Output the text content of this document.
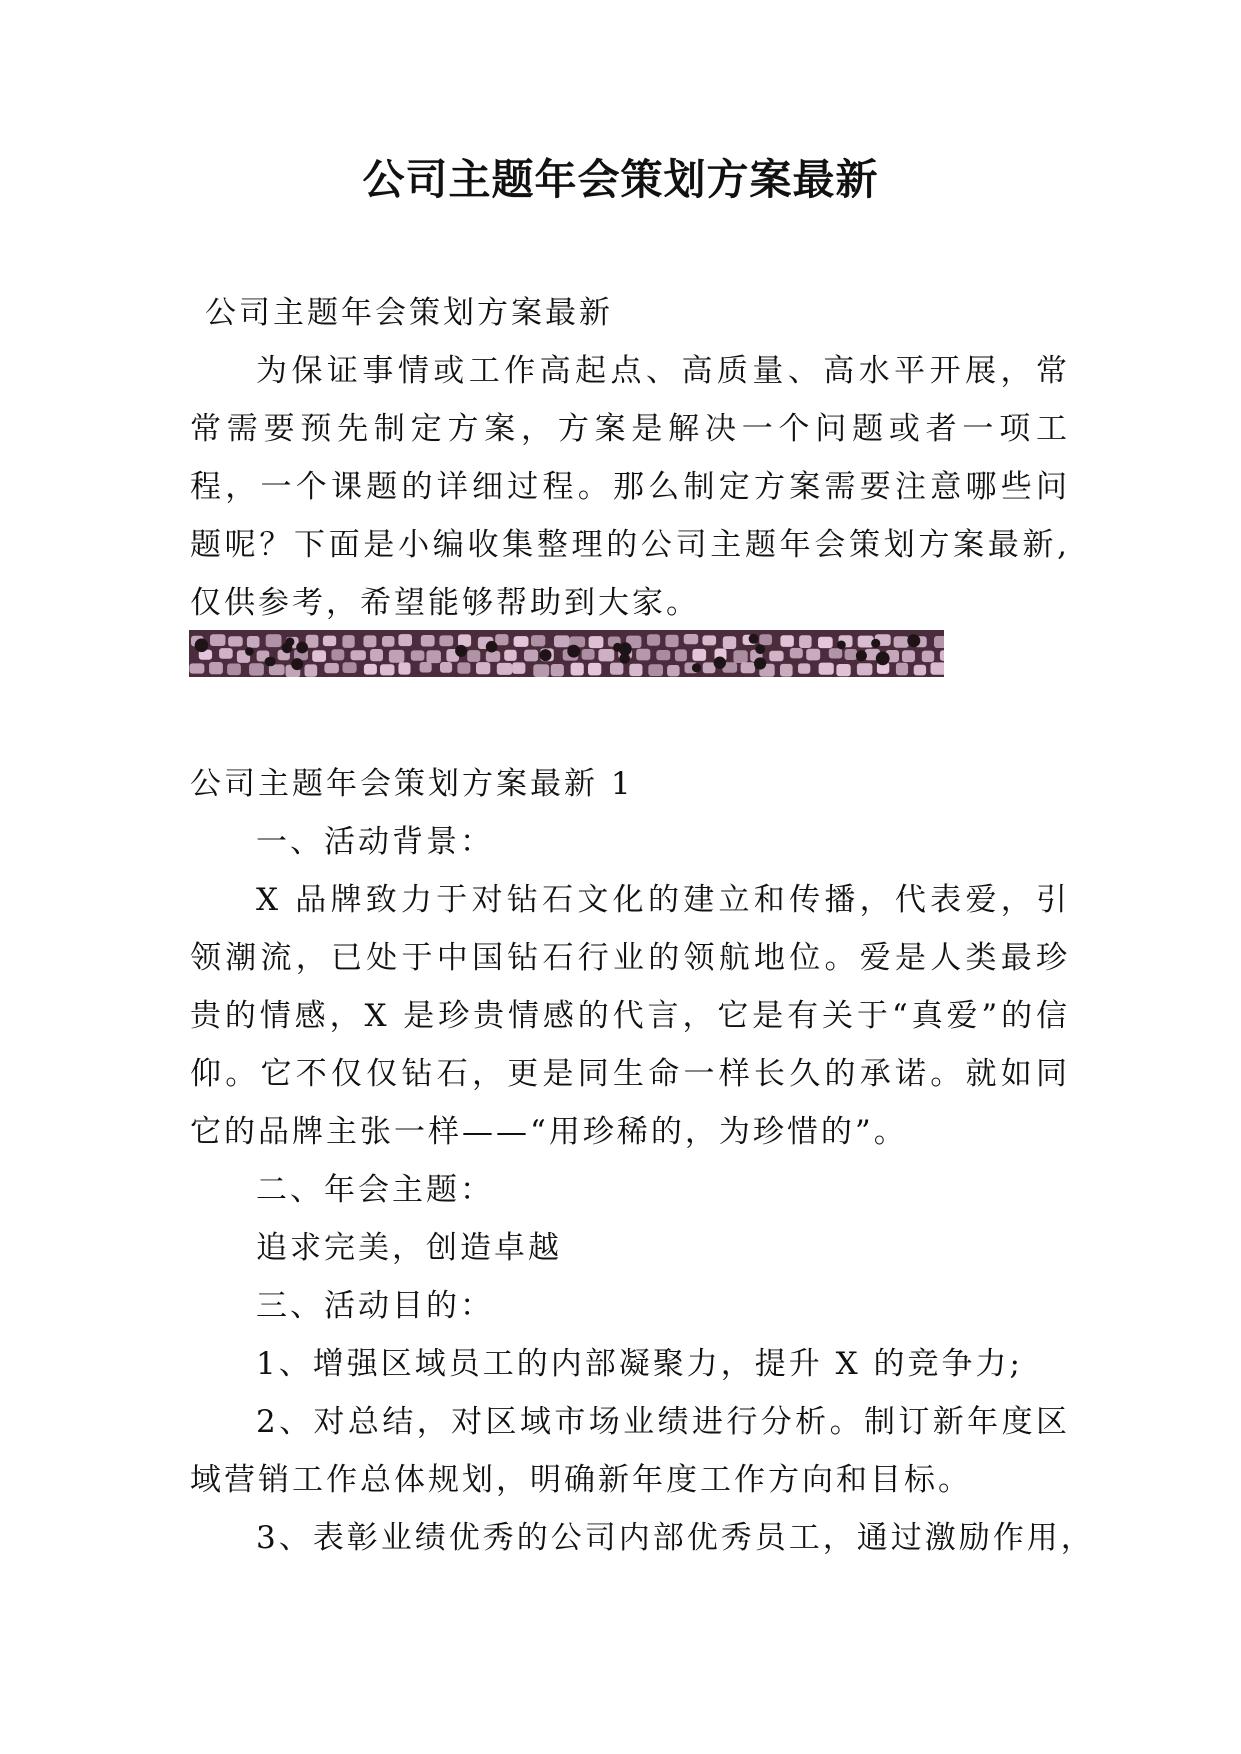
公司主题年会策划方案最新
公司主题年会策划方案最新
为保证事情或工作高起点、高质量、高水平开展，常常需要预先制定方案，方案是解决一个问题或者一项工程，一个课题的详细过程。那么制定方案需要注意哪些问题呢？下面是小编收集整理的公司主题年会策划方案最新,仅供参考，希望能够帮助到大家。
公司主题年会策划方案最新 1
一、活动背景：
X 品牌致力于对钻石文化的建立和传播，代表爱，引领潮流，已处于中国钻石行业的领航地位。爱是人类最珍贵的情感，X 是珍贵情感的代言，它是有关于“真爱”的信仰。它不仅仅钻石，更是同生命一样长久的承诺。就如同它的品牌主张一样——“用珍稀的，为珍惜的”。
二、年会主题：
追求完美，创造卓越
三、活动目的：
1、增强区域员工的内部凝聚力，提升 X 的竞争力;
2、对总结，对区域市场业绩进行分析。制订新年度区域营销工作总体规划，明确新年度工作方向和目标。
3、表彰业绩优秀的公司内部优秀员工，通过激励作用，
